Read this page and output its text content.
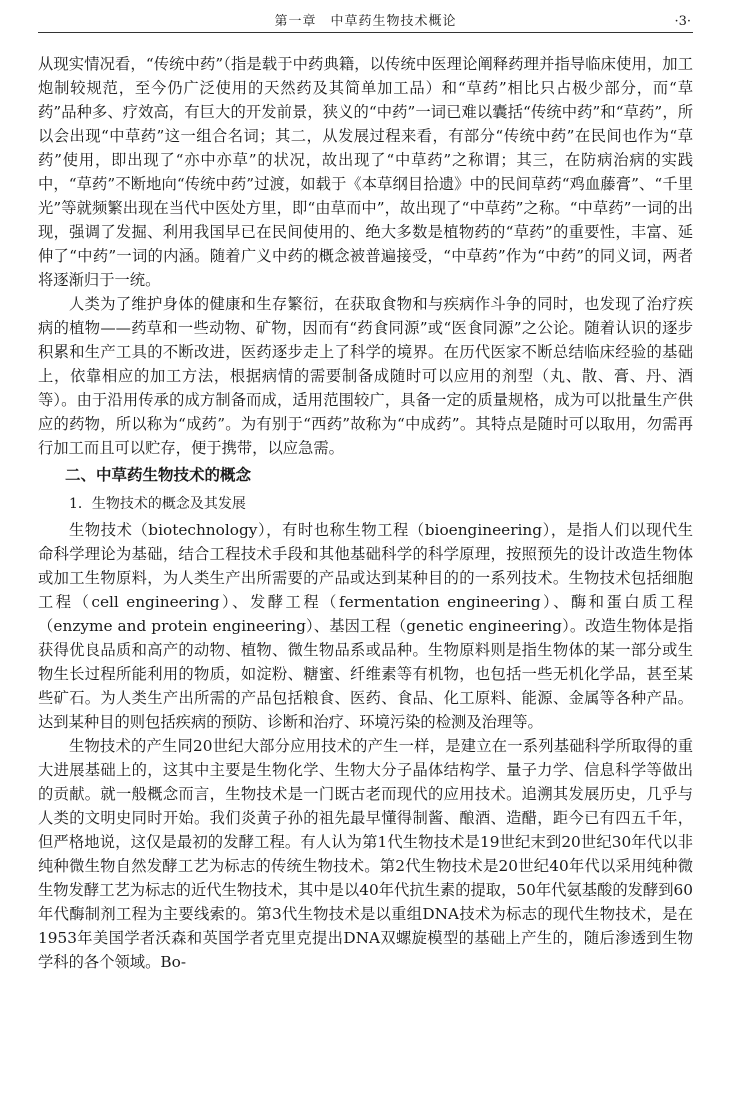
第一章　中草药生物技术概论	·3·

从现实情况看，“传统中药”（指是载于中药典籍，以传统中医理论阐释药理并指导临床使用，加工炮制较规范，至今仍广泛使用的天然药及其简单加工品）和“草药”相比只占极少部分，而“草药”品种多、疗效高，有巨大的开发前景，狭义的“中药”一词已难以囊括“传统中药”和“草药”，所以会出现“中草药”这一组合名词；其二，从发展过程来看，有部分“传统中药”在民间也作为“草药”使用，即出现了“亦中亦草”的状况，故出现了“中草药”之称谓；其三，在防病治病的实践中，“草药”不断地向“传统中药”过渡，如载于《本草纲目拾遗》中的民间草药“鸡血藤膏”、“千里光”等就频繁出现在当代中医处方里，即“由草而中”，故出现了“中草药”之称。“中草药”一词的出现，强调了发掘、利用我国早已在民间使用的、绝大多数是植物药的“草药”的重要性，丰富、延伸了“中药”一词的内涵。随着广义中药的概念被普遍接受，“中草药”作为“中药”的同义词，两者将逐渐归于一统。

人类为了维护身体的健康和生存繁衍，在获取食物和与疾病作斗争的同时，也发现了治疗疾病的植物——药草和一些动物、矿物，因而有“药食同源”或“医食同源”之公论。随着认识的逐步积累和生产工具的不断改进，医药逐步走上了科学的境界。在历代医家不断总结临床经验的基础上，依靠相应的加工方法，根据病情的需要制备成随时可以应用的剂型（丸、散、膏、丹、酒等）。由于沿用传承的成方制备而成，适用范围较广，具备一定的质量规格，成为可以批量生产供应的药物，所以称为“成药”。为有别于“西药”故称为“中成药”。其特点是随时可以取用，勿需再行加工而且可以贮存，便于携带，以应急需。

二、中草药生物技术的概念
1．生物技术的概念及其发展

生物技术（biotechnology），有时也称生物工程（bioengineering），是指人们以现代生命科学理论为基础，结合工程技术手段和其他基础科学的科学原理，按照预先的设计改造生物体或加工生物原料，为人类生产出所需要的产品或达到某种目的的一系列技术。生物技术包括细胞工程（cell engineering）、发酵工程（fermentation engineering）、酶和蛋白质工程（enzyme and protein engineering）、基因工程（genetic engineering）。改造生物体是指获得优良品质和高产的动物、植物、微生物品系或品种。生物原料则是指生物体的某一部分或生物生长过程所能利用的物质，如淀粉、糖蜜、纤维素等有机物，也包括一些无机化学品，甚至某些矿石。为人类生产出所需的产品包括粮食、医药、食品、化工原料、能源、金属等各种产品。达到某种目的则包括疾病的预防、诊断和治疗、环境污染的检测及治理等。

生物技术的产生同20世纪大部分应用技术的产生一样，是建立在一系列基础科学所取得的重大进展基础上的，这其中主要是生物化学、生物大分子晶体结构学、量子力学、信息科学等做出的贡献。就一般概念而言，生物技术是一门既古老而现代的应用技术。追溯其发展历史，几乎与人类的文明史同时开始。我们炎黄子孙的祖先最早懂得制酱、酿酒、造醋，距今已有四五千年，但严格地说，这仅是最初的发酵工程。有人认为第1代生物技术是19世纪末到20世纪30年代以非纯种微生物自然发酵工艺为标志的传统生物技术。第2代生物技术是20世纪40年代以采用纯种微生物发酵工艺为标志的近代生物技术，其中是以40年代抗生素的提取，50年代氨基酸的发酵到60年代酶制剂工程为主要线索的。第3代生物技术是以重组DNA技术为标志的现代生物技术，是在1953年美国学者沃森和英国学者克里克提出DNA双螺旋模型的基础上产生的，随后渗透到生物学科的各个领域。Bo-
